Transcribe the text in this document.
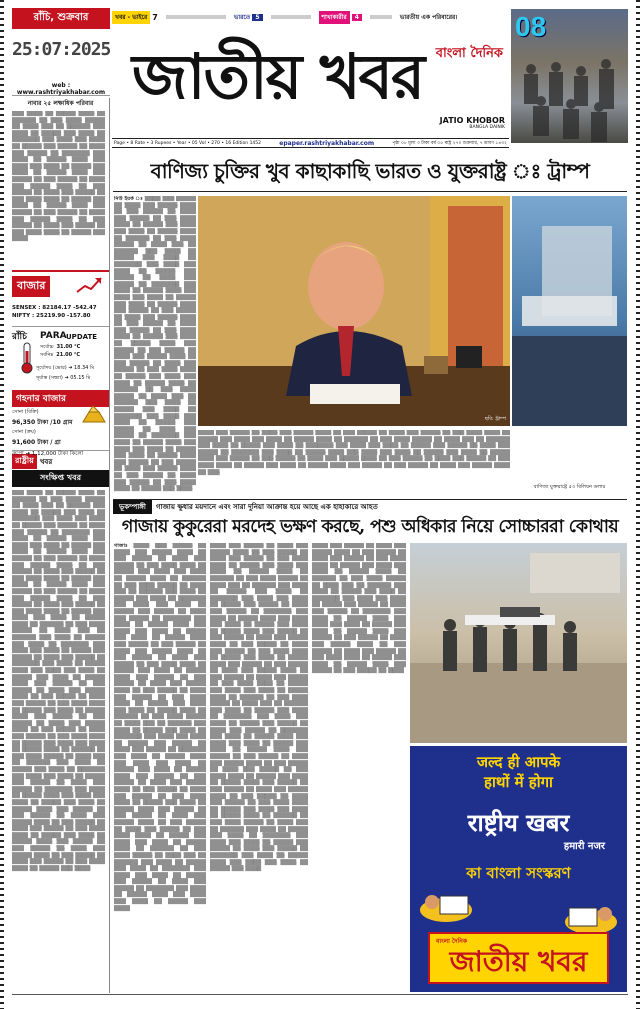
রাঁচি, শুক্রবার
25:07:2025
web : www.rashtriyakhabar.com
খবর - ভাইরে 7	ভারতে 5	শাখাকারীর	4	ভারতীয় এক পরিবারের।
বাংলা দৈনিক
জাতীয় খবর
JATIO KHOBOR
BANGLA DAINIK
08
Page • 8 Rate • 3 Rupees • Year • 05 Vol • 270 • 16 Edition 1452	epaper.rashtriyakhabar.com	পৃষ্ঠা ০৮ মূল্য ৩ টাকা বর্ষ ০৫ ৰাষ্ট্ৰ ২৭০ শুক্রবার, ৭ শ্রাবণ ১৪৩২
নাবার ২৫ লক্ষাধিক পরিবার
▒▒▒ ▒▒▒▒ ▒▒ ▒▒▒▒▒ ▒▒▒▒ ▒▒ ▒▒▒▒▒▒ ▒▒ ▒▒▒ ▒▒▒▒ ▒▒▒▒▒ ▒▒ ▒▒▒▒ ▒▒▒ ▒▒ ▒▒▒▒▒▒ ▒▒▒ ▒▒▒▒ ▒▒ ▒▒▒▒▒ ▒▒▒ ▒▒▒▒ ▒▒ ▒▒▒▒▒▒▒ ▒▒▒ ▒▒▒▒ ▒▒▒ ▒▒▒▒ ▒▒ ▒▒▒▒▒ ▒▒▒ ▒▒▒▒▒ ▒▒ ▒▒▒▒ ▒▒▒ ▒▒▒▒▒ ▒▒ ▒▒▒▒▒▒▒ ▒▒▒ ▒▒▒▒ ▒▒ ▒▒▒▒▒ ▒▒▒▒ ▒▒▒ ▒▒▒▒ ▒▒▒ ▒▒▒▒ ▒▒ ▒▒▒▒▒ ▒▒▒ ▒▒▒▒ ▒▒ ▒▒▒▒▒ ▒▒▒▒ ▒▒▒ ▒▒▒▒▒ ▒▒ ▒▒▒ ▒▒▒▒▒ ▒▒ ▒▒▒▒ ▒▒▒ ▒▒▒▒▒ ▒▒▒▒ ▒▒ ▒▒▒ ▒▒▒▒▒ ▒▒ ▒▒▒▒ ▒▒▒ ▒▒▒▒▒ ▒▒ ▒▒▒ ▒▒▒▒ ▒▒▒▒ ▒▒ ▒▒▒▒▒ ▒▒▒ ▒▒▒▒ ▒▒ ▒▒▒▒▒ ▒▒▒▒ ▒▒▒ ▒▒▒▒▒ ▒▒ ▒▒▒ ▒▒▒▒▒ ▒▒ ▒▒▒▒ ▒▒▒ ▒▒▒▒▒ ▒▒▒▒ ▒▒ ▒▒▒ ▒▒▒▒▒ ▒▒ ▒▒▒▒ ▒▒▒ ▒▒▒▒▒ ▒▒ ▒▒▒ ▒▒▒▒ ▒▒▒▒ ▒▒ ▒▒▒▒▒ ▒▒▒ ▒▒▒▒
বাজার
SENSEX : 82184.17 -542.47
NIFTY : 25219.90 -157.80
রাঁচি	PARA UPDATE
সর্বোচ্চ 31.00 °C
সর্বনিম্ন 21.00 °C
সূর্যোদয় (ভোর) ➜ 18.34 মি
সূর্যাস্ত (সন্ধ্যা) ➜ 05.15 মি
গহনার বাজার
সোনা (বিক্রি)
96,350 টাকা /10 গ্রাম
সোনা (ক্রয়)
91,600 টাকা / গ্রা
রুপো ➜ 1,12,000 টাকা কিলো
রাষ্ট্রীয় খবর
সংক্ষিপ্ত খবর
▒▒▒ ▒▒▒▒ ▒▒ ▒▒▒▒▒ ▒▒▒▒ ▒▒ ▒▒▒▒▒▒ ▒▒ ▒▒▒ ▒▒▒▒ ▒▒▒▒▒ ▒▒ ▒▒▒▒ ▒▒▒ ▒▒ ▒▒▒▒▒▒ ▒▒▒ ▒▒▒▒ ▒▒ ▒▒▒▒▒ ▒▒▒ ▒▒▒▒ ▒▒ ▒▒▒▒▒▒▒ ▒▒▒ ▒▒▒▒ ▒▒▒ ▒▒▒▒ ▒▒ ▒▒▒▒▒ ▒▒▒ ▒▒▒▒▒ ▒▒ ▒▒▒▒ ▒▒▒ ▒▒▒▒▒ ▒▒ ▒▒▒▒▒▒▒ ▒▒▒ ▒▒▒▒ ▒▒ ▒▒▒▒▒ ▒▒▒▒ ▒▒▒ ▒▒▒▒ ▒▒▒ ▒▒▒▒ ▒▒ ▒▒▒▒▒ ▒▒▒ ▒▒▒▒ ▒▒ ▒▒▒▒▒ ▒▒▒▒ ▒▒▒ ▒▒▒▒▒ ▒▒ ▒▒▒ ▒▒▒▒▒ ▒▒ ▒▒▒▒ ▒▒▒ ▒▒▒▒▒ ▒▒▒▒ ▒▒ ▒▒▒ ▒▒▒▒▒ ▒▒ ▒▒▒▒ ▒▒▒ ▒▒▒▒▒ ▒▒ ▒▒▒ ▒▒▒▒ ▒▒▒▒ ▒▒ ▒▒▒▒▒ ▒▒▒ ▒▒▒▒ ▒▒ ▒▒▒▒▒ ▒▒▒▒ ▒▒▒ ▒▒▒▒▒ ▒▒ ▒▒▒ ▒▒▒▒▒ ▒▒ ▒▒▒▒ ▒▒▒ ▒▒▒▒▒ ▒▒▒▒ ▒▒ ▒▒▒ ▒▒▒▒▒ ▒▒ ▒▒▒▒ ▒▒▒ ▒▒▒▒▒ ▒▒ ▒▒▒ ▒▒▒▒ ▒▒▒▒ ▒▒ ▒▒▒▒▒ ▒▒▒ ▒▒▒▒ ▒▒▒ ▒▒▒▒ ▒▒ ▒▒▒▒▒ ▒▒▒▒ ▒▒ ▒▒▒▒▒▒ ▒▒ ▒▒▒ ▒▒▒▒ ▒▒▒▒▒ ▒▒ ▒▒▒▒ ▒▒▒ ▒▒ ▒▒▒▒▒▒ ▒▒▒ ▒▒▒▒ ▒▒ ▒▒▒▒▒ ▒▒▒ ▒▒▒▒ ▒▒ ▒▒▒▒▒▒▒ ▒▒▒ ▒▒▒▒ ▒▒▒ ▒▒▒▒ ▒▒ ▒▒▒▒▒ ▒▒▒ ▒▒▒▒▒ ▒▒ ▒▒▒▒ ▒▒▒ ▒▒▒▒▒ ▒▒ ▒▒▒▒▒▒▒ ▒▒▒ ▒▒▒▒ ▒▒ ▒▒▒▒▒ ▒▒▒▒ ▒▒▒ ▒▒▒▒ ▒▒▒ ▒▒▒▒ ▒▒ ▒▒▒▒▒ ▒▒▒ ▒▒▒▒ ▒▒ ▒▒▒▒▒ ▒▒▒▒ ▒▒▒ ▒▒▒▒▒ ▒▒ ▒▒▒ ▒▒▒▒▒ ▒▒ ▒▒▒▒ ▒▒▒ ▒▒▒▒▒ ▒▒▒▒ ▒▒ ▒▒▒ ▒▒▒▒▒ ▒▒ ▒▒▒▒ ▒▒▒ ▒▒▒▒▒ ▒▒ ▒▒▒ ▒▒▒▒ ▒▒▒▒ ▒▒ ▒▒▒▒▒ ▒▒▒ ▒▒▒▒ ▒▒ ▒▒▒▒▒ ▒▒▒▒ ▒▒▒ ▒▒▒▒▒ ▒▒ ▒▒▒ ▒▒▒▒▒ ▒▒ ▒▒▒▒ ▒▒▒ ▒▒▒▒▒ ▒▒▒▒ ▒▒ ▒▒▒ ▒▒▒▒▒ ▒▒ ▒▒▒▒ ▒▒▒ ▒▒▒▒▒ ▒▒ ▒▒▒ ▒▒▒▒ ▒▒▒▒ ▒▒ ▒▒▒▒▒ ▒▒▒ ▒▒▒▒ ▒▒▒ ▒▒▒▒ ▒▒ ▒▒▒▒▒ ▒▒▒▒ ▒▒ ▒▒▒▒▒▒ ▒▒ ▒▒▒ ▒▒▒▒ ▒▒▒▒▒ ▒▒ ▒▒▒▒ ▒▒▒ ▒▒ ▒▒▒▒▒▒ ▒▒▒ ▒▒▒▒ ▒▒ ▒▒▒▒▒ ▒▒▒ ▒▒▒▒ ▒▒ ▒▒▒▒▒▒▒ ▒▒▒ ▒▒▒▒ ▒▒▒ ▒▒▒▒ ▒▒ ▒▒▒▒▒ ▒▒▒ ▒▒▒▒▒ ▒▒ ▒▒▒▒ ▒▒▒ ▒▒▒▒▒ ▒▒ ▒▒▒▒▒▒▒ ▒▒▒ ▒▒▒▒ ▒▒ ▒▒▒▒▒ ▒▒▒▒ ▒▒▒ ▒▒▒▒ ▒▒▒ ▒▒▒▒ ▒▒ ▒▒▒▒▒ ▒▒▒ ▒▒▒▒ ▒▒ ▒▒▒▒▒ ▒▒▒▒ ▒▒▒ ▒▒▒▒▒ ▒▒ ▒▒▒ ▒▒▒▒▒ ▒▒ ▒▒▒▒ ▒▒▒ ▒▒▒▒▒ ▒▒▒▒ ▒▒ ▒▒▒ ▒▒▒▒▒ ▒▒ ▒▒▒▒ ▒▒▒ ▒▒▒▒▒ ▒▒ ▒▒▒ ▒▒▒▒ ▒▒▒▒ ▒▒ ▒▒▒▒▒ ▒▒▒ ▒▒▒▒ ▒▒ ▒▒▒▒▒ ▒▒▒▒ ▒▒▒ ▒▒▒▒▒ ▒▒ ▒▒▒ ▒▒▒▒▒ ▒▒ ▒▒▒▒ ▒▒▒ ▒▒▒▒▒ ▒▒▒▒ ▒▒ ▒▒▒ ▒▒▒▒▒ ▒▒ ▒▒▒▒ ▒▒▒ ▒▒▒▒▒ ▒▒ ▒▒▒ ▒▒▒▒ ▒▒▒▒ ▒▒ ▒▒▒▒▒ ▒▒▒ ▒▒▒▒
বাণিজ্য চুক্তির খুব কাছাকাছি ভারত ও যুক্তরাষ্ট্র ঃ ট্রাম্প
নিউ ইয়র্ক ঃ ▒▒▒▒ ▒▒▒ ▒▒▒▒▒ ▒▒ ▒▒▒▒ ▒▒▒ ▒▒▒▒▒ ▒▒▒▒ ▒▒ ▒▒▒ ▒▒▒▒▒ ▒▒ ▒▒▒▒ ▒▒▒ ▒▒▒▒▒ ▒▒ ▒▒▒ ▒▒▒▒ ▒▒▒▒ ▒▒ ▒▒▒▒▒ ▒▒▒ ▒▒▒▒ ▒▒▒ ▒▒▒▒ ▒▒ ▒▒▒▒▒ ▒▒▒▒ ▒▒ ▒▒▒▒▒▒ ▒▒ ▒▒▒ ▒▒▒▒ ▒▒▒▒▒ ▒▒ ▒▒▒▒ ▒▒▒ ▒▒ ▒▒▒▒▒▒ ▒▒▒ ▒▒▒▒ ▒▒ ▒▒▒▒▒ ▒▒▒ ▒▒▒▒ ▒▒ ▒▒▒▒▒▒▒ ▒▒▒ ▒▒▒▒ ▒▒▒ ▒▒▒▒ ▒▒ ▒▒▒▒▒ ▒▒▒ ▒▒▒▒▒ ▒▒ ▒▒▒▒ ▒▒▒ ▒▒▒▒▒ ▒▒ ▒▒▒▒▒▒▒ ▒▒▒ ▒▒▒▒ ▒▒ ▒▒▒▒▒ ▒▒▒▒ ▒▒▒ ▒▒▒▒ ▒▒▒ ▒▒▒▒ ▒▒ ▒▒▒▒▒ ▒▒▒ ▒▒▒▒ ▒▒ ▒▒▒▒▒ ▒▒▒▒ ▒▒▒ ▒▒▒▒▒ ▒▒ ▒▒▒ ▒▒▒▒▒ ▒▒ ▒▒▒▒ ▒▒▒ ▒▒▒▒▒ ▒▒▒▒ ▒▒ ▒▒▒ ▒▒▒▒▒ ▒▒ ▒▒▒▒ ▒▒▒ ▒▒▒▒▒ ▒▒ ▒▒▒ ▒▒▒▒ ▒▒▒▒ ▒▒ ▒▒▒▒▒ ▒▒▒ ▒▒▒▒ ▒▒ ▒▒▒▒▒ ▒▒▒▒ ▒▒▒ ▒▒▒▒▒ ▒▒ ▒▒▒ ▒▒▒▒▒ ▒▒ ▒▒▒▒ ▒▒▒ ▒▒▒▒▒ ▒▒▒▒ ▒▒ ▒▒▒ ▒▒▒▒▒ ▒▒ ▒▒▒▒ ▒▒▒ ▒▒▒▒▒ ▒▒ ▒▒▒ ▒▒▒▒ ▒▒▒▒ ▒▒ ▒▒▒▒▒ ▒▒▒ ▒▒▒▒ ▒▒▒ ▒▒▒▒ ▒▒ ▒▒▒▒▒ ▒▒▒▒ ▒▒ ▒▒▒▒▒▒ ▒▒ ▒▒▒ ▒▒▒▒ ▒▒▒▒▒ ▒▒ ▒▒▒▒ ▒▒▒ ▒▒ ▒▒▒▒▒▒ ▒▒▒ ▒▒▒▒ ▒▒ ▒▒▒▒▒ ▒▒▒ ▒▒▒▒ ▒▒ ▒▒▒▒▒▒▒ ▒▒▒ ▒▒▒▒ ▒▒▒ ▒▒▒▒ ▒▒ ▒▒▒▒▒ ▒▒▒ ▒▒▒▒▒ ▒▒ ▒▒▒▒ ▒▒▒ ▒▒▒▒▒ ▒▒ ▒▒▒▒▒▒▒ ▒▒▒ ▒▒▒▒ ▒▒ ▒▒▒▒▒ ▒▒▒▒ ▒▒▒ ▒▒▒▒ ▒▒▒ ▒▒▒▒ ▒▒ ▒▒▒▒▒ ▒▒▒ ▒▒▒▒ ▒▒ ▒▒▒▒▒ ▒▒▒▒ ▒▒▒ ▒▒▒▒▒ ▒▒ ▒▒▒ ▒▒▒▒▒ ▒▒ ▒▒▒▒ ▒▒▒ ▒▒▒▒▒ ▒▒▒▒ ▒▒ ▒▒▒ ▒▒▒▒▒ ▒▒ ▒▒▒▒ ▒▒▒ ▒▒▒▒▒ ▒▒ ▒▒▒ ▒▒▒▒ ▒▒▒▒ ▒▒ ▒▒▒▒▒ ▒▒▒ ▒▒▒▒
ছবি: ট্রাম্প
▒▒▒▒ ▒▒▒ ▒▒▒▒▒ ▒▒ ▒▒▒▒ ▒▒▒ ▒▒▒▒▒ ▒▒▒▒ ▒▒ ▒▒▒ ▒▒▒▒▒ ▒▒ ▒▒▒▒ ▒▒▒ ▒▒▒▒▒ ▒▒ ▒▒▒ ▒▒▒▒ ▒▒▒▒ ▒▒ ▒▒▒▒▒ ▒▒▒ ▒▒▒▒ ▒▒▒ ▒▒▒▒ ▒▒ ▒▒▒▒▒ ▒▒▒▒ ▒▒ ▒▒▒▒▒▒ ▒▒ ▒▒▒ ▒▒▒▒ ▒▒▒▒▒ ▒▒ ▒▒▒▒ ▒▒▒ ▒▒ ▒▒▒▒▒▒ ▒▒▒ ▒▒▒▒ ▒▒ ▒▒▒▒▒ ▒▒▒ ▒▒▒▒ ▒▒ ▒▒▒▒▒▒▒ ▒▒▒ ▒▒▒▒ ▒▒▒ ▒▒▒▒ ▒▒ ▒▒▒▒▒ ▒▒▒ ▒▒▒▒▒ ▒▒ ▒▒▒▒ ▒▒▒ ▒▒▒▒▒ ▒▒ ▒▒▒▒▒▒▒ ▒▒▒ ▒▒▒▒ ▒▒ ▒▒▒▒▒ ▒▒▒▒ ▒▒▒ ▒▒▒▒ ▒▒▒ ▒▒▒▒ ▒▒ ▒▒▒▒▒ ▒▒▒ ▒▒▒▒ ▒▒ ▒▒▒▒▒ ▒▒▒▒ ▒▒▒ ▒▒▒▒▒ ▒▒ ▒▒▒ ▒▒▒▒▒ ▒▒ ▒▒▒▒ ▒▒▒ ▒▒▒▒▒ ▒▒▒▒ ▒▒ ▒▒▒ ▒▒▒▒▒ ▒▒ ▒▒▒▒ ▒▒▒ ▒▒▒▒▒ ▒▒ ▒▒▒ ▒▒▒▒ ▒▒▒▒ ▒▒ ▒▒▒▒▒ ▒▒▒ ▒▒▒▒ ▒▒ ▒▒▒▒▒ ▒▒▒▒ ▒▒▒ ▒▒▒▒▒ ▒▒ ▒▒▒ ▒▒▒▒▒ ▒▒ ▒▒▒▒ ▒▒▒ ▒▒▒▒▒ ▒▒▒▒ ▒▒ ▒▒▒
বাণিজ্য যুক্তরাষ্ট্রে ৫৩ বিলিয়ন ডলার
ভূকম্পাঙ্গী	গাজায় ক্ষুধার ময়দানে এবং সারা দুনিয়া আক্রান্ত হয়ে আছে এক হাহাকারে আহত
গাজায় কুকুরেরা মরদেহ ভক্ষণ করছে, পশু অধিকার নিয়ে সোচ্চাররা কোথায়
গাজাঃ ▒▒▒▒ ▒▒▒ ▒▒▒▒▒ ▒▒ ▒▒▒▒ ▒▒▒ ▒▒▒▒▒ ▒▒▒▒ ▒▒ ▒▒▒ ▒▒▒▒▒ ▒▒ ▒▒▒▒ ▒▒▒ ▒▒▒▒▒ ▒▒ ▒▒▒ ▒▒▒▒ ▒▒▒▒ ▒▒ ▒▒▒▒▒ ▒▒▒ ▒▒▒▒ ▒▒▒ ▒▒▒▒ ▒▒ ▒▒▒▒▒ ▒▒▒▒ ▒▒ ▒▒▒▒▒▒ ▒▒ ▒▒▒ ▒▒▒▒ ▒▒▒▒▒ ▒▒ ▒▒▒▒ ▒▒▒ ▒▒ ▒▒▒▒▒▒ ▒▒▒ ▒▒▒▒ ▒▒ ▒▒▒▒▒ ▒▒▒ ▒▒▒▒ ▒▒ ▒▒▒▒▒▒▒ ▒▒▒ ▒▒▒▒ ▒▒▒ ▒▒▒▒ ▒▒ ▒▒▒▒▒ ▒▒▒ ▒▒▒▒▒ ▒▒ ▒▒▒▒ ▒▒▒ ▒▒▒▒▒ ▒▒ ▒▒▒▒▒▒▒ ▒▒▒ ▒▒▒▒ ▒▒ ▒▒▒▒▒ ▒▒▒▒ ▒▒▒ ▒▒▒▒ ▒▒▒ ▒▒▒▒ ▒▒ ▒▒▒▒▒ ▒▒▒ ▒▒▒▒ ▒▒ ▒▒▒▒▒ ▒▒▒▒ ▒▒▒ ▒▒▒▒▒ ▒▒ ▒▒▒ ▒▒▒▒▒ ▒▒ ▒▒▒▒ ▒▒▒ ▒▒▒▒▒ ▒▒▒▒ ▒▒ ▒▒▒ ▒▒▒▒▒ ▒▒ ▒▒▒▒ ▒▒▒ ▒▒▒▒▒ ▒▒ ▒▒▒ ▒▒▒▒ ▒▒▒▒ ▒▒ ▒▒▒▒▒ ▒▒▒ ▒▒▒▒ ▒▒ ▒▒▒▒▒ ▒▒▒▒ ▒▒▒ ▒▒▒▒▒ ▒▒ ▒▒▒ ▒▒▒▒▒ ▒▒ ▒▒▒▒ ▒▒▒ ▒▒▒▒▒ ▒▒▒▒ ▒▒ ▒▒▒ ▒▒▒▒▒ ▒▒ ▒▒▒▒ ▒▒▒ ▒▒▒▒▒ ▒▒ ▒▒▒ ▒▒▒▒ ▒▒▒▒ ▒▒ ▒▒▒▒▒ ▒▒▒ ▒▒▒▒ ▒▒▒ ▒▒▒▒ ▒▒ ▒▒▒▒▒ ▒▒▒▒ ▒▒ ▒▒▒▒▒▒ ▒▒ ▒▒▒ ▒▒▒▒ ▒▒▒▒▒ ▒▒ ▒▒▒▒ ▒▒▒ ▒▒ ▒▒▒▒▒▒ ▒▒▒ ▒▒▒▒ ▒▒ ▒▒▒▒▒ ▒▒▒ ▒▒▒▒ ▒▒ ▒▒▒▒▒▒▒ ▒▒▒ ▒▒▒▒ ▒▒▒ ▒▒▒▒ ▒▒ ▒▒▒▒▒ ▒▒▒ ▒▒▒▒▒ ▒▒ ▒▒▒▒ ▒▒▒ ▒▒▒▒▒ ▒▒ ▒▒▒▒▒▒▒ ▒▒▒ ▒▒▒▒ ▒▒ ▒▒▒▒▒ ▒▒▒▒ ▒▒▒ ▒▒▒▒ ▒▒▒ ▒▒▒▒ ▒▒ ▒▒▒▒▒ ▒▒▒ ▒▒▒▒ ▒▒ ▒▒▒▒▒ ▒▒▒▒ ▒▒▒ ▒▒▒▒▒ ▒▒ ▒▒▒ ▒▒▒▒▒ ▒▒ ▒▒▒▒ ▒▒▒ ▒▒▒▒▒ ▒▒▒▒ ▒▒ ▒▒▒ ▒▒▒▒▒ ▒▒ ▒▒▒▒ ▒▒▒ ▒▒▒▒▒ ▒▒ ▒▒▒ ▒▒▒▒ ▒▒▒▒ ▒▒ ▒▒▒▒▒ ▒▒▒ ▒▒▒▒ ▒▒ ▒▒▒▒▒ ▒▒▒▒ ▒▒▒ ▒▒▒▒▒ ▒▒ ▒▒▒ ▒▒▒▒▒ ▒▒ ▒▒▒▒ ▒▒▒ ▒▒▒▒▒ ▒▒▒▒ ▒▒ ▒▒▒ ▒▒▒▒▒ ▒▒ ▒▒▒▒ ▒▒▒ ▒▒▒▒▒ ▒▒ ▒▒▒ ▒▒▒▒ ▒▒▒▒ ▒▒ ▒▒▒▒▒ ▒▒▒ ▒▒▒▒ ▒▒▒ ▒▒▒▒ ▒▒ ▒▒▒▒▒ ▒▒▒▒ ▒▒ ▒▒▒▒▒▒ ▒▒ ▒▒▒ ▒▒▒▒ ▒▒▒▒▒ ▒▒ ▒▒▒▒ ▒▒▒ ▒▒ ▒▒▒▒▒▒ ▒▒▒ ▒▒▒▒ ▒▒ ▒▒▒▒▒ ▒▒▒ ▒▒▒▒ ▒▒ ▒▒▒▒▒▒▒ ▒▒▒ ▒▒▒▒ ▒▒▒ ▒▒▒▒ ▒▒ ▒▒▒▒▒ ▒▒▒ ▒▒▒▒▒ ▒▒ ▒▒▒▒ ▒▒▒ ▒▒▒▒▒ ▒▒ ▒▒▒▒▒▒▒ ▒▒▒ ▒▒▒▒ ▒▒ ▒▒▒▒▒ ▒▒▒▒ ▒▒▒ ▒▒▒▒ ▒▒▒ ▒▒▒▒ ▒▒ ▒▒▒▒▒ ▒▒▒ ▒▒▒▒
▒▒▒▒ ▒▒▒ ▒▒▒▒▒ ▒▒ ▒▒▒▒ ▒▒▒ ▒▒▒▒▒ ▒▒▒▒ ▒▒ ▒▒▒ ▒▒▒▒▒ ▒▒ ▒▒▒▒ ▒▒▒ ▒▒▒▒▒ ▒▒ ▒▒▒ ▒▒▒▒ ▒▒▒▒ ▒▒ ▒▒▒▒▒ ▒▒▒ ▒▒▒▒ ▒▒▒ ▒▒▒▒ ▒▒ ▒▒▒▒▒ ▒▒▒▒ ▒▒ ▒▒▒▒▒▒ ▒▒ ▒▒▒ ▒▒▒▒ ▒▒▒▒▒ ▒▒ ▒▒▒▒ ▒▒▒ ▒▒ ▒▒▒▒▒▒ ▒▒▒ ▒▒▒▒ ▒▒ ▒▒▒▒▒ ▒▒▒ ▒▒▒▒ ▒▒ ▒▒▒▒▒▒▒ ▒▒▒ ▒▒▒▒ ▒▒▒ ▒▒▒▒ ▒▒ ▒▒▒▒▒ ▒▒▒ ▒▒▒▒▒ ▒▒ ▒▒▒▒ ▒▒▒ ▒▒▒▒▒ ▒▒ ▒▒▒▒▒▒▒ ▒▒▒ ▒▒▒▒ ▒▒ ▒▒▒▒▒ ▒▒▒▒ ▒▒▒ ▒▒▒▒ ▒▒▒ ▒▒▒▒ ▒▒ ▒▒▒▒▒ ▒▒▒ ▒▒▒▒ ▒▒ ▒▒▒▒▒ ▒▒▒▒ ▒▒▒ ▒▒▒▒▒ ▒▒ ▒▒▒ ▒▒▒▒▒ ▒▒ ▒▒▒▒ ▒▒▒ ▒▒▒▒▒ ▒▒▒▒ ▒▒ ▒▒▒ ▒▒▒▒▒ ▒▒ ▒▒▒▒ ▒▒▒ ▒▒▒▒▒ ▒▒ ▒▒▒ ▒▒▒▒ ▒▒▒▒ ▒▒ ▒▒▒▒▒ ▒▒▒ ▒▒▒▒ ▒▒ ▒▒▒▒▒ ▒▒▒▒ ▒▒▒ ▒▒▒▒▒ ▒▒ ▒▒▒ ▒▒▒▒▒ ▒▒ ▒▒▒▒ ▒▒▒ ▒▒▒▒▒ ▒▒▒▒ ▒▒ ▒▒▒ ▒▒▒▒▒ ▒▒ ▒▒▒▒ ▒▒▒ ▒▒▒▒▒ ▒▒ ▒▒▒ ▒▒▒▒ ▒▒▒▒ ▒▒ ▒▒▒▒▒ ▒▒▒ ▒▒▒▒ ▒▒▒ ▒▒▒▒ ▒▒ ▒▒▒▒▒ ▒▒▒▒ ▒▒ ▒▒▒▒▒▒ ▒▒ ▒▒▒ ▒▒▒▒ ▒▒▒▒▒ ▒▒ ▒▒▒▒ ▒▒▒ ▒▒ ▒▒▒▒▒▒ ▒▒▒ ▒▒▒▒ ▒▒ ▒▒▒▒▒ ▒▒▒ ▒▒▒▒ ▒▒ ▒▒▒▒▒▒▒ ▒▒▒ ▒▒▒▒ ▒▒▒ ▒▒▒▒ ▒▒ ▒▒▒▒▒ ▒▒▒ ▒▒▒▒▒ ▒▒ ▒▒▒▒ ▒▒▒ ▒▒▒▒▒ ▒▒ ▒▒▒▒▒▒▒ ▒▒▒ ▒▒▒▒ ▒▒ ▒▒▒▒▒ ▒▒▒▒ ▒▒▒ ▒▒▒▒ ▒▒▒ ▒▒▒▒ ▒▒ ▒▒▒▒▒ ▒▒▒ ▒▒▒▒ ▒▒ ▒▒▒▒▒ ▒▒▒▒ ▒▒▒ ▒▒▒▒▒ ▒▒ ▒▒▒ ▒▒▒▒▒ ▒▒ ▒▒▒▒ ▒▒▒ ▒▒▒▒▒ ▒▒▒▒ ▒▒ ▒▒▒ ▒▒▒▒▒ ▒▒ ▒▒▒▒ ▒▒▒ ▒▒▒▒▒ ▒▒ ▒▒▒ ▒▒▒▒ ▒▒▒▒ ▒▒ ▒▒▒▒▒ ▒▒▒ ▒▒▒▒ ▒▒ ▒▒▒▒▒ ▒▒▒▒ ▒▒▒ ▒▒▒▒▒ ▒▒ ▒▒▒ ▒▒▒▒▒ ▒▒ ▒▒▒▒ ▒▒▒ ▒▒▒▒▒ ▒▒▒▒ ▒▒ ▒▒▒ ▒▒▒▒▒ ▒▒ ▒▒▒▒ ▒▒▒ ▒▒▒▒▒ ▒▒ ▒▒▒ ▒▒▒▒ ▒▒▒▒ ▒▒ ▒▒▒▒▒ ▒▒▒ ▒▒▒▒ ▒▒▒ ▒▒▒▒ ▒▒ ▒▒▒▒▒ ▒▒▒▒ ▒▒ ▒▒▒▒▒▒ ▒▒ ▒▒▒ ▒▒▒▒ ▒▒▒▒▒ ▒▒ ▒▒▒▒ ▒▒▒ ▒▒ ▒▒▒▒▒▒ ▒▒▒ ▒▒▒▒ ▒▒ ▒▒▒▒▒ ▒▒▒ ▒▒▒▒ ▒▒ ▒▒▒▒▒▒▒ ▒▒▒ ▒▒▒▒ ▒▒▒ ▒▒▒▒ ▒▒ ▒▒▒▒▒ ▒▒▒ ▒▒▒▒▒ ▒▒ ▒▒▒▒ ▒▒▒ ▒▒▒▒▒ ▒▒ ▒▒▒▒▒▒▒ ▒▒▒ ▒▒▒▒ ▒▒ ▒▒▒▒▒ ▒▒▒▒ ▒▒▒ ▒▒▒▒ ▒▒▒ ▒▒▒▒ ▒▒ ▒▒▒▒▒ ▒▒▒ ▒▒▒▒
▒▒▒▒ ▒▒▒ ▒▒▒▒▒ ▒▒ ▒▒▒▒ ▒▒▒ ▒▒▒▒▒ ▒▒▒▒ ▒▒ ▒▒▒ ▒▒▒▒▒ ▒▒ ▒▒▒▒ ▒▒▒ ▒▒▒▒▒ ▒▒ ▒▒▒ ▒▒▒▒ ▒▒▒▒ ▒▒ ▒▒▒▒▒ ▒▒▒ ▒▒▒▒ ▒▒▒ ▒▒▒▒ ▒▒ ▒▒▒▒▒ ▒▒▒▒ ▒▒ ▒▒▒▒▒▒ ▒▒ ▒▒▒ ▒▒▒▒ ▒▒▒▒▒ ▒▒ ▒▒▒▒ ▒▒▒ ▒▒ ▒▒▒▒▒▒ ▒▒▒ ▒▒▒▒ ▒▒ ▒▒▒▒▒ ▒▒▒ ▒▒▒▒ ▒▒ ▒▒▒▒▒▒▒ ▒▒▒ ▒▒▒▒ ▒▒▒ ▒▒▒▒ ▒▒ ▒▒▒▒▒ ▒▒▒ ▒▒▒▒▒ ▒▒ ▒▒▒▒ ▒▒▒ ▒▒▒▒▒ ▒▒ ▒▒▒▒▒▒▒ ▒▒▒ ▒▒▒▒ ▒▒ ▒▒▒▒▒ ▒▒▒▒ ▒▒▒ ▒▒▒▒ ▒▒▒ ▒▒▒▒ ▒▒ ▒▒▒▒▒ ▒▒▒ ▒▒▒▒ ▒▒ ▒▒▒▒▒ ▒▒▒▒ ▒▒▒ ▒▒▒▒▒ ▒▒ ▒▒▒ ▒▒▒▒▒ ▒▒ ▒▒▒▒ ▒▒▒ ▒▒▒▒▒ ▒▒▒▒ ▒▒ ▒▒▒ ▒▒▒▒▒ ▒▒ ▒▒▒▒ ▒▒▒ ▒▒▒▒▒ ▒▒ ▒▒▒ ▒▒▒▒ ▒▒▒▒ ▒▒ ▒▒▒▒▒ ▒▒▒ ▒▒▒▒ ▒▒ ▒▒▒▒▒ ▒▒▒▒ ▒▒▒ ▒▒▒▒▒ ▒▒ ▒▒▒ ▒▒▒▒▒ ▒▒ ▒▒▒▒
जल्द ही आपके
हाथों में होगा
राष्ट्रीय खबर
हमारी नजर
কা বাংলা সংস্করণ
বাংলা দৈনিক
জাতীয় খবর
